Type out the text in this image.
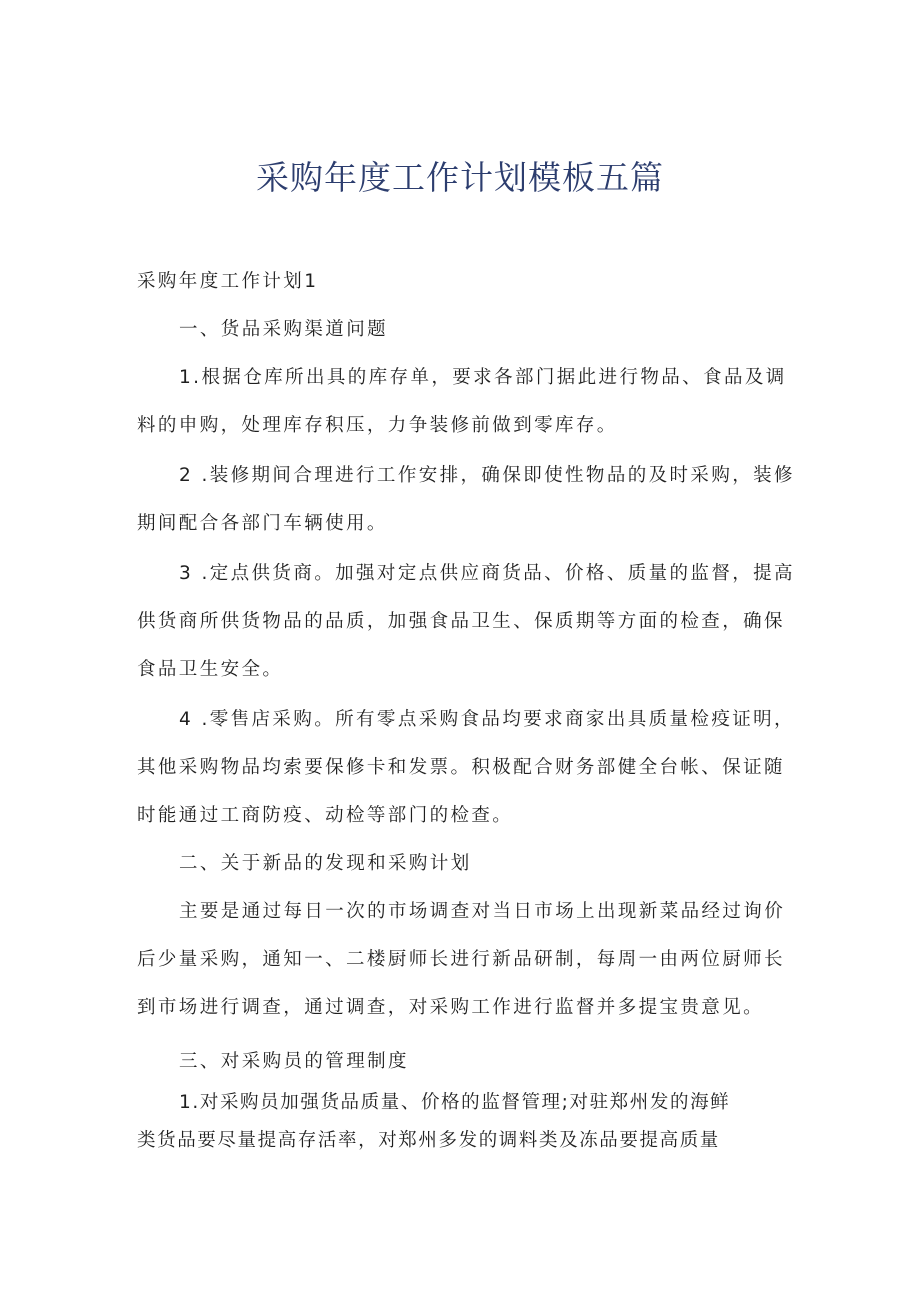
采购年度工作计划模板五篇

采购年度工作计划1

一、货品采购渠道问题

1.根据仓库所出具的库存单，要求各部门据此进行物品、食品及调料的申购，处理库存积压，力争装修前做到零库存。

2 .装修期间合理进行工作安排，确保即使性物品的及时采购，装修期间配合各部门车辆使用。

3 .定点供货商。加强对定点供应商货品、价格、质量的监督，提高供货商所供货物品的品质，加强食品卫生、保质期等方面的检查，确保食品卫生安全。

4 .零售店采购。所有零点采购食品均要求商家出具质量检疫证明，其他采购物品均索要保修卡和发票。积极配合财务部健全台帐、保证随时能通过工商防疫、动检等部门的检查。

二、关于新品的发现和采购计划

主要是通过每日一次的市场调查对当日市场上出现新菜品经过询价后少量采购，通知一、二楼厨师长进行新品研制，每周一由两位厨师长到市场进行调查，通过调查，对采购工作进行监督并多提宝贵意见。

三、对采购员的管理制度

1.对采购员加强货品质量、价格的监督管理;对驻郑州发的海鲜

类货品要尽量提高存活率，对郑州多发的调料类及冻品要提高质量
